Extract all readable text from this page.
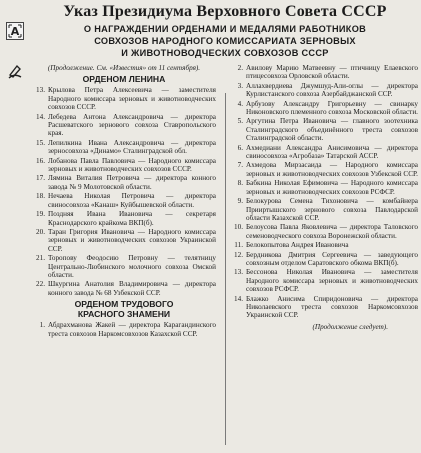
A
Указ Президиума Верховного Совета СССР
О НАГРАЖДЕНИИ ОРДЕНАМИ И МЕДАЛЯМИ РАБОТНИКОВ
СОВХОЗОВ НАРОДНОГО КОМИССАРИАТА ЗЕРНОВЫХ
И ЖИВОТНОВОДЧЕСКИХ СОВХОЗОВ СССР
(Продолжение. См. «Известия» от 11 сентября).
ОРДЕНОМ ЛЕНИНА
13. Крылова Петра Алексеевича — заместителя Народного комиссара зерновых и животноводческих совхозов СССР.
14. Лебедева Антона Александровича — директора Расшеватского зернового совхоза Ставропольского края.
15. Лепилкина Ивана Александровича — директора зерносовхоза «Динамо» Сталинградской обл.
16. Лобанова Павла Павловича — Народного комиссара зерновых и животноводческих совхозов СССР.
17. Лямина Виталия Петровича — директора конного завода № 9 Молотовской области.
18. Нечаева Николая Петровича — директора свиносовхоза «Канаш» Куйбышевской области.
19. Поздняя Ивана Ивановича — секретаря Краснодарского крайкома ВКП(б).
20. Таран Григория Ивановича — Народного комиссара зерновых и животноводческих совхозов Украинской ССР.
21. Торопову Феодосию Петровну — телятницу Центрально-Любинского молочного совхоза Омской области.
22. Шкургина Анатолия Владимировича — директора конного завода № 68 Узбекской ССР.
ОРДЕНОМ ТРУДОВОГО КРАСНОГО ЗНАМЕНИ
1. Абдрахманова Жакей — директора Карагандинского треста совхозов Наркомсовхозов Казахской ССР.
2. Авилову Марию Матвеевну — птичницу Елаевского птицесовхоза Орловской области.
3. Аллахвердиева Джумшуд-Али-оглы — директора Курлистанского совхоза Азербайджанской ССР.
4. Арбузову Александру Григорьевну — свинарку Никоновского племенного совхоза Московской области.
5. Аргутина Петра Ивановича — главного зоотехника Сталинградского объединённого треста совхозов Сталинградской области.
6. Ахмедиани Александра Анисимовича — директора свиносовхоза «Агробаза» Татарской АССР.
7. Ахмедова Мирзасаида — Народного комиссара зерновых и животноводческих совхозов Узбекской ССР.
8. Бабкина Николая Ефимовича — Народного комиссара зерновых и животноводческих совхозов РСФСР.
9. Белокурова Семена Тихоновича — комбайнера Прииртышского зернового совхоза Павлодарской области Казахской ССР.
10. Белоусова Павла Яковлевича — директора Таловского семеноводческого совхоза Воронежской области.
11. Белокопытова Андрея Ивановича
12. Бердникова Дмитрия Сергеевича — заведующего совхозным отделом Саратовского обкома ВКП(б).
13. Бессонова Николая Ивановича — заместителя Народного комиссара зерновых и животноводческих совхозов РСФСР.
14. Блажко Анисима Спиридоновича — директора Николаевского треста совхозов Наркомсовхозов Украинской ССР.
(Продолжение следует).
